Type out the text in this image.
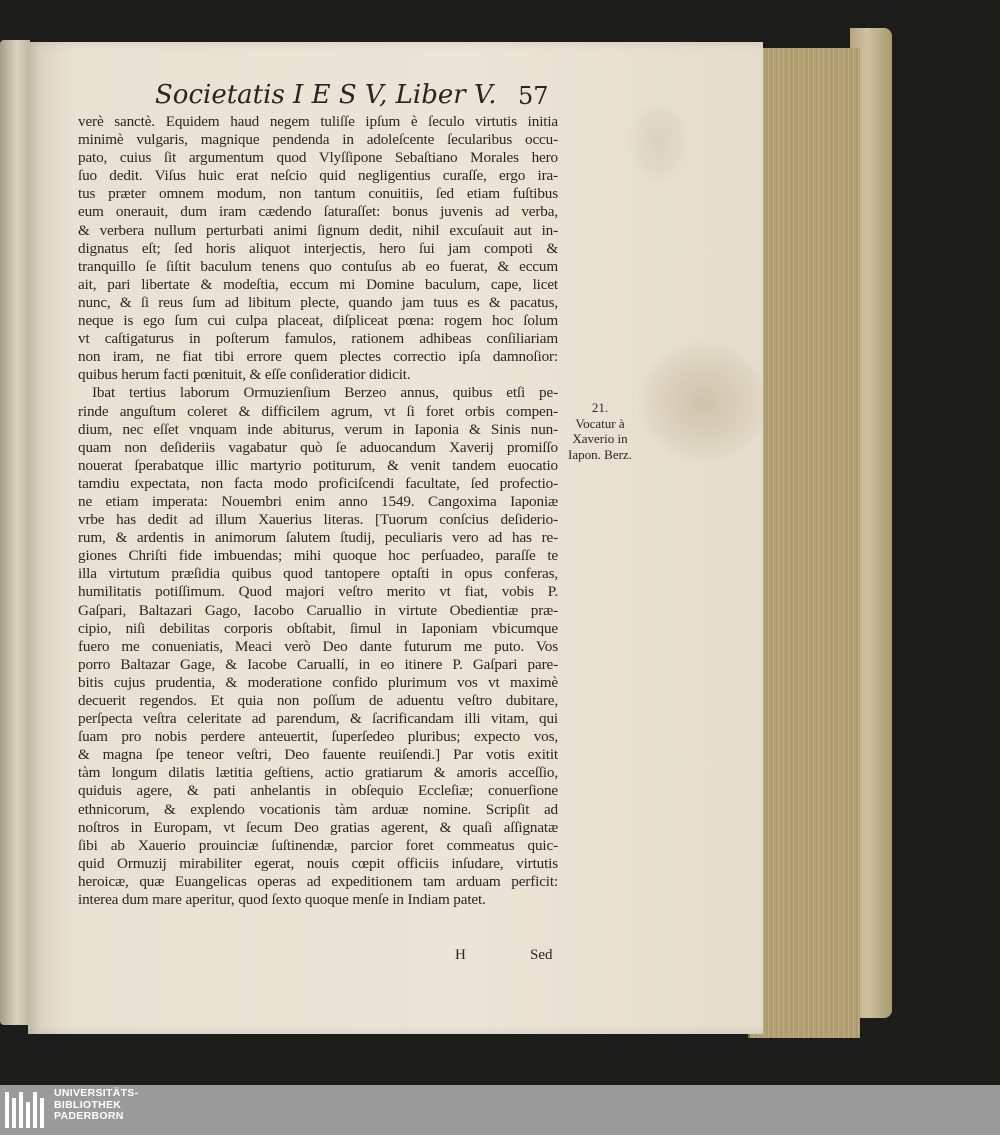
Societatis I E S V, Liber V. 57
verè sanctè. Equidem haud negem tuliſſe ipſum è ſeculo virtutis initia
minimè vulgaris, magnique pendenda in adoleſcente ſecularibus occu-
pato, cuius ſit argumentum quod Vlyſſipone Sebaſtiano Morales hero
ſuo dedit. Viſus huic erat neſcio quid negligentius curaſſe, ergo ira-
tus præter omnem modum, non tantum conuitiis, ſed etiam fuſtibus
eum onerauit, dum iram cædendo ſaturaſſet: bonus juvenis ad verba,
& verbera nullum perturbati animi ſignum dedit, nihil excuſauit aut in-
dignatus eſt; ſed horis aliquot interjectis, hero ſui jam compoti &
tranquillo ſe ſiſtit baculum tenens quo contuſus ab eo fuerat, & eccum
ait, pari libertate & modeſtia, eccum mi Domine baculum, cape, licet
nunc, & ſi reus ſum ad libitum plecte, quando jam tuus es & pacatus,
neque is ego ſum cui culpa placeat, diſpliceat pœna: rogem hoc ſolum
vt caſtigaturus in poſterum famulos, rationem adhibeas conſiliariam
non iram, ne fiat tibi errore quem plectes correctio ipſa damnoſior:
quibus herum facti pœnituit, & eſſe conſideratior didicit.
Ibat tertius laborum Ormuzienſium Berzeo annus, quibus etſi pe-
rinde anguſtum coleret & difficilem agrum, vt ſi foret orbis compen-
dium, nec eſſet vnquam inde abiturus, verum in Iaponia & Sinis nun-
quam non deſideriis vagabatur quò ſe aduocandum Xaverij promiſſo
nouerat ſperabatque illic martyrio potiturum, & venit tandem euocatio
tamdiu expectata, non facta modo proficiſcendi facultate, ſed profectio-
ne etiam imperata: Nouembri enim anno 1549. Cangoxima Iaponiæ
vrbe has dedit ad illum Xauerius literas. [Tuorum conſcius deſiderio-
rum, & ardentis in animorum ſalutem ſtudij, peculiaris vero ad has re-
giones Chriſti fide imbuendas; mihi quoque hoc perſuadeo, paraſſe te
illa virtutum præſidia quibus quod tantopere optaſti in opus conferas,
humilitatis potiſſimum. Quod majori veſtro merito vt fiat, vobis P.
Gaſpari, Baltazari Gago, Iacobo Caruallio in virtute Obedientiæ præ-
cipio, niſi debilitas corporis obſtabit, ſimul in Iaponiam vbicumque
fuero me conueniatis, Meaci verò Deo dante futurum me puto. Vos
porro Baltazar Gage, & Iacobe Caruallí, in eo itinere P. Gaſpari pare-
bitis cujus prudentia, & moderatione confido plurimum vos vt maximè
decuerit regendos. Et quia non poſſum de aduentu veſtro dubitare,
perſpecta veſtra celeritate ad parendum, & ſacrificandam illi vitam, qui
ſuam pro nobis perdere anteuertit, ſuperſedeo pluribus; expecto vos,
& magna ſpe teneor veſtri, Deo fauente reuiſendi.] Par votis exitit
tàm longum dilatis lætitia geſtiens, actio gratiarum & amoris acceſſio,
quiduis agere, & pati anhelantis in obſequio Eccleſiæ; conuerſione
ethnicorum, & explendo vocationis tàm arduæ nomine. Scripſit ad
noſtros in Europam, vt ſecum Deo gratias agerent, & quaſi aſſignatæ
ſibi ab Xauerio prouinciæ ſuſtinendæ, parcior foret commeatus quic-
quid Ormuzij mirabiliter egerat, nouis cœpit officiis inſudare, virtutis
heroicæ, quæ Euangelicas operas ad expeditionem tam arduam perficit:
interea dum mare aperitur, quod ſexto quoque menſe in Indiam patet.
21.
Vocatur à
Xaverio in
Iapon. Berz.
H	Sed
UNIVERSITÄTS-
BIBLIOTHEK
PADERBORN
